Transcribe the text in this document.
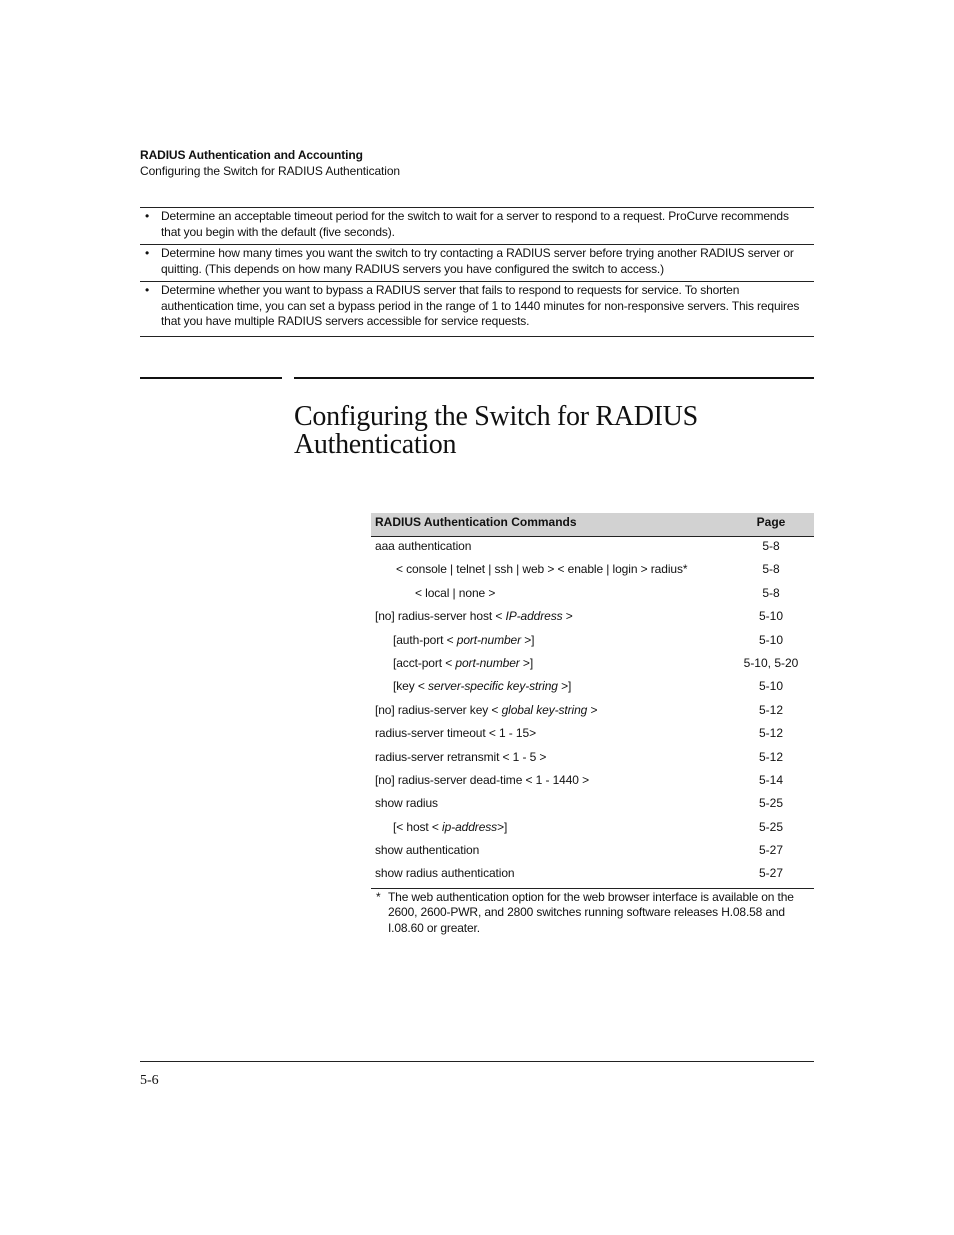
RADIUS Authentication and Accounting
Configuring the Switch for RADIUS Authentication
• Determine an acceptable timeout period for the switch to wait for a server to respond to a request. ProCurve recommends that you begin with the default (five seconds).
• Determine how many times you want the switch to try contacting a RADIUS server before trying another RADIUS server or quitting. (This depends on how many RADIUS servers you have configured the switch to access.)
• Determine whether you want to bypass a RADIUS server that fails to respond to requests for service. To shorten authentication time, you can set a bypass period in the range of 1 to 1440 minutes for non-responsive servers. This requires that you have multiple RADIUS servers accessible for service requests.
Configuring the Switch for RADIUS Authentication
RADIUS Authentication Commands	Page
aaa authentication	5-8
< console | telnet | ssh | web > < enable | login > radius*	5-8
< local | none >	5-8
[no] radius-server host < IP-address >	5-10
[auth-port < port-number >]	5-10
[acct-port < port-number >]	5-10, 5-20
[key < server-specific key-string >]	5-10
[no] radius-server key < global key-string >	5-12
radius-server timeout < 1 - 15>	5-12
radius-server retransmit < 1 - 5 >	5-12
[no] radius-server dead-time < 1 - 1440 >	5-14
show radius	5-25
[< host < ip-address>]	5-25
show authentication	5-27
show radius authentication	5-27
* The web authentication option for the web browser interface is available on the 2600, 2600-PWR, and 2800 switches running software releases H.08.58 and I.08.60 or greater.
5-6
